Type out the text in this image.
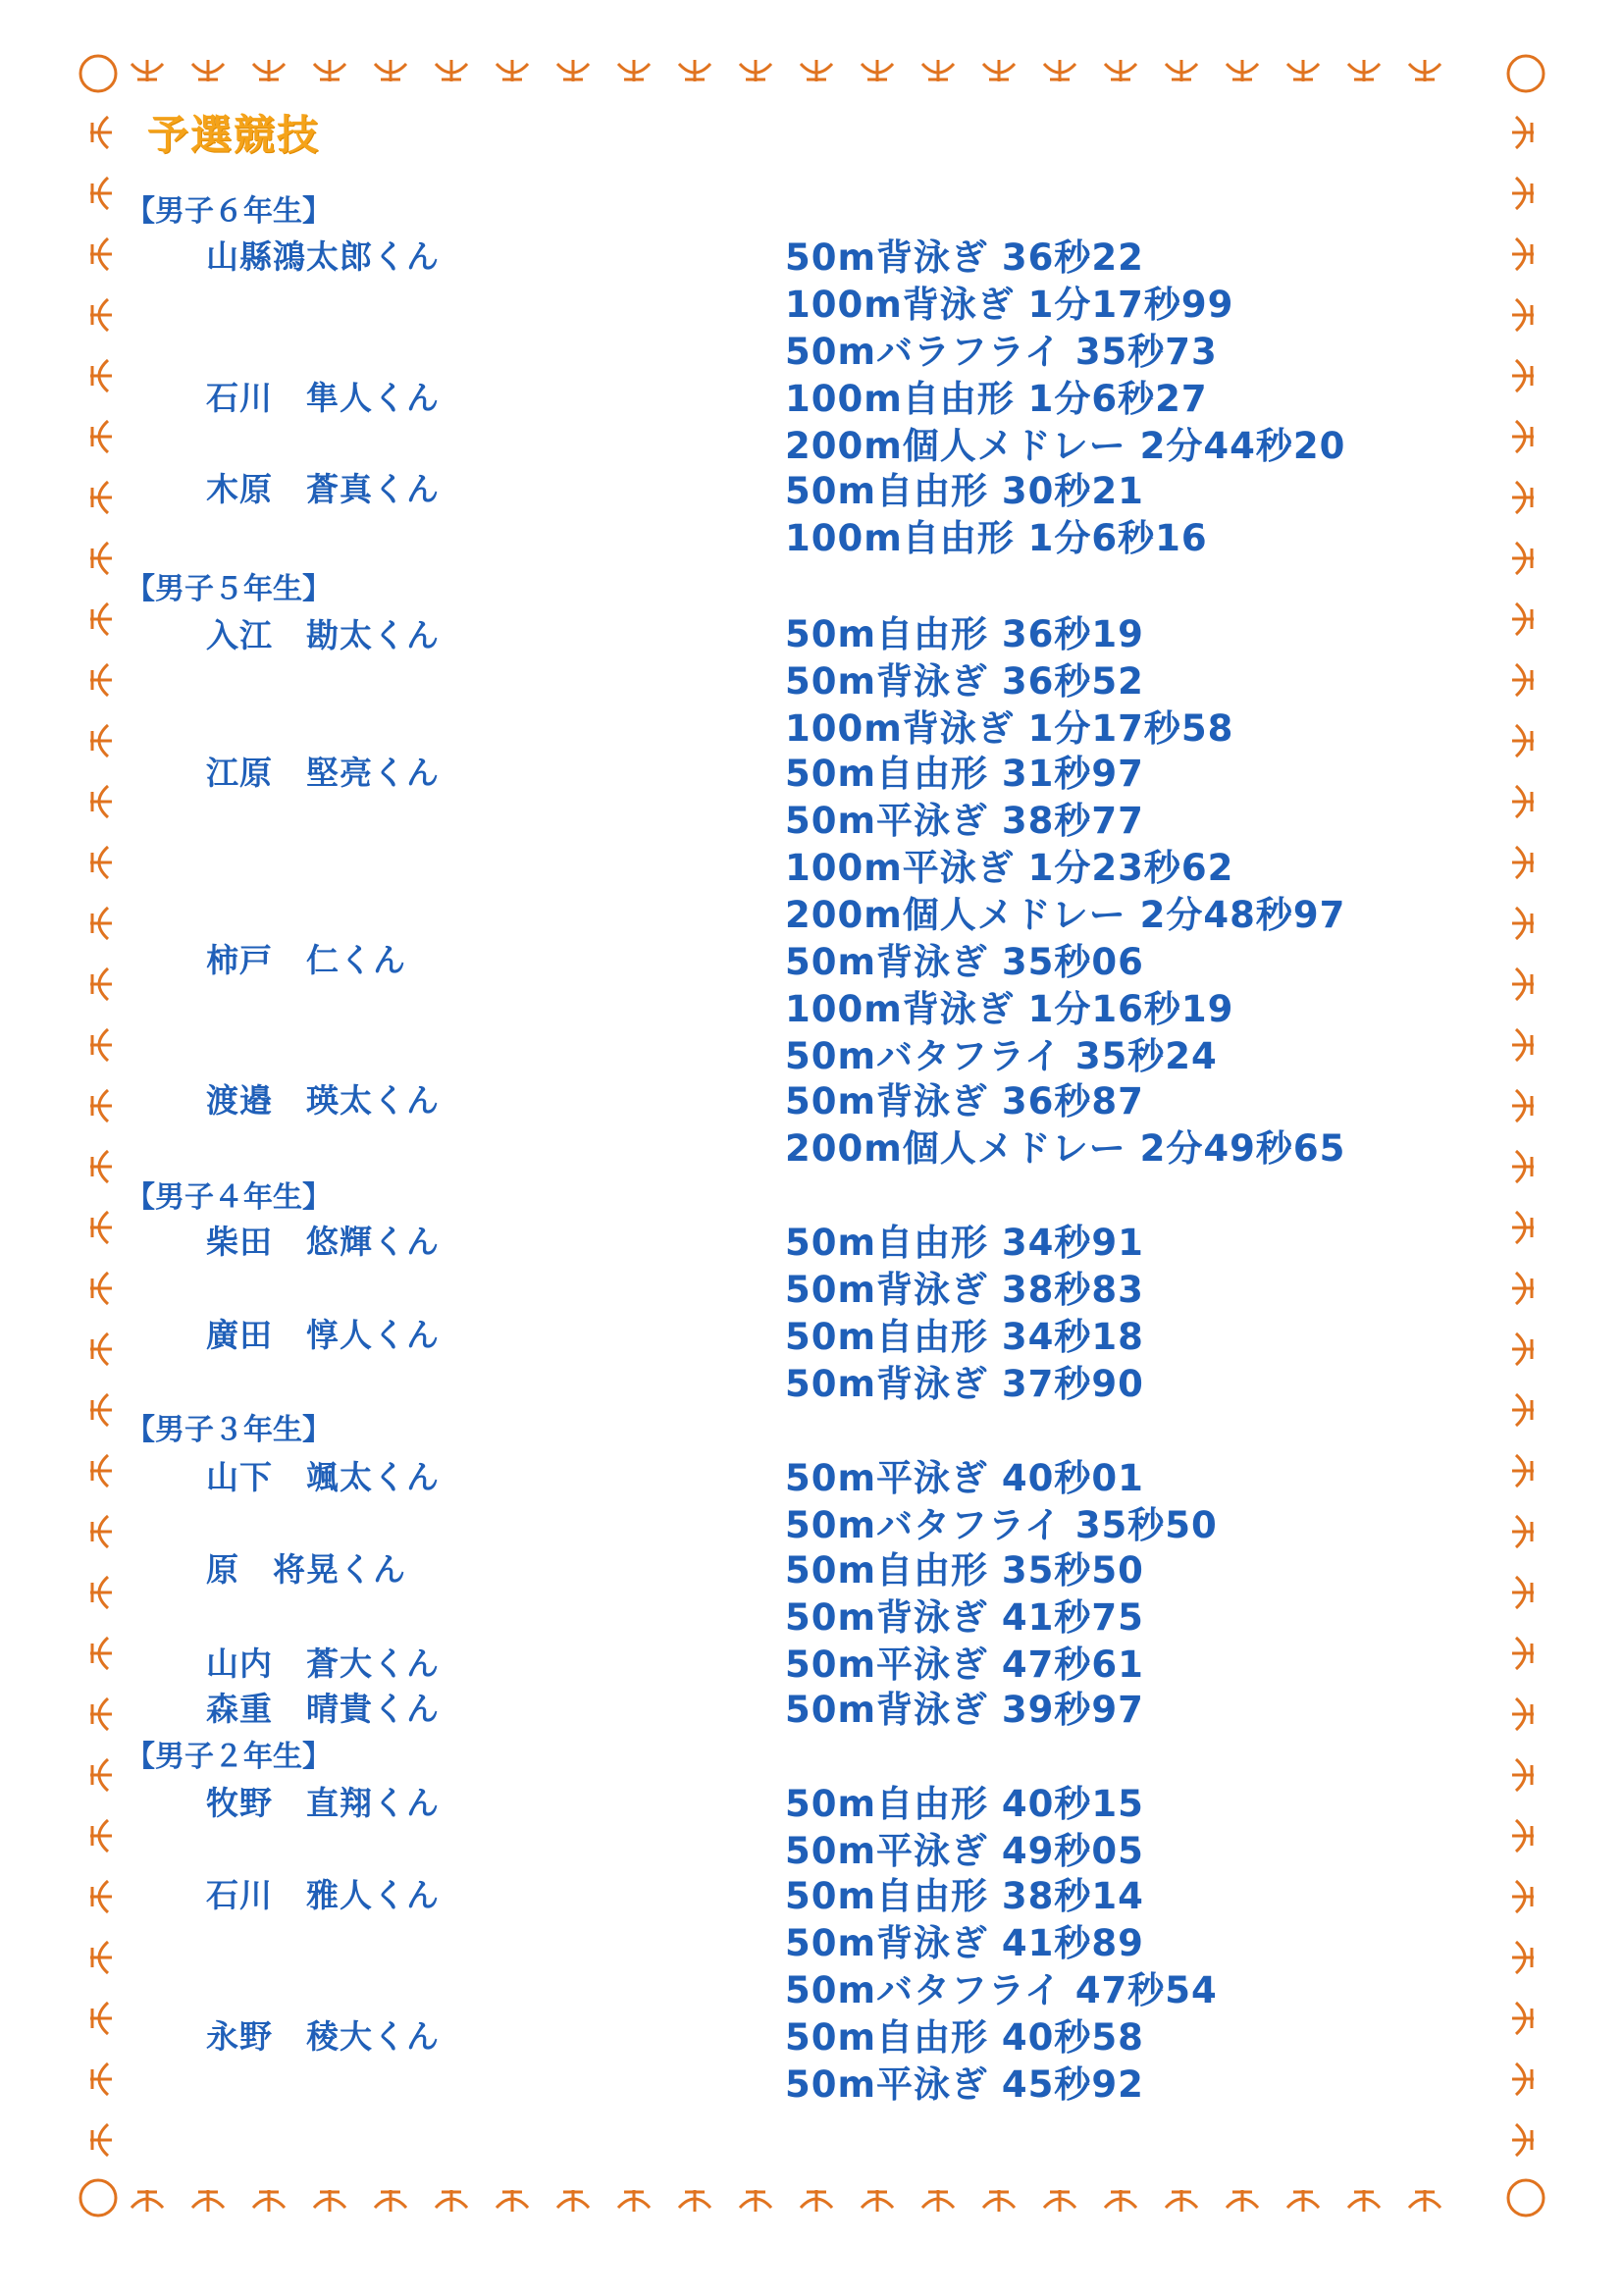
予選競技
【男子６年生】
【男子５年生】
【男子４年生】
【男子３年生】
【男子２年生】
山縣鴻太郎くん	50m背泳ぎ 36秒22
100m背泳ぎ 1分17秒99
50mバラフライ 35秒73
石川　隼人くん	100m自由形 1分6秒27
200m個人メドレー 2分44秒20
木原　蒼真くん	50m自由形 30秒21
100m自由形 1分6秒16
入江　勘太くん	50m自由形 36秒19
50m背泳ぎ 36秒52
100m背泳ぎ 1分17秒58
江原　堅亮くん	50m自由形 31秒97
50m平泳ぎ 38秒77
100m平泳ぎ 1分23秒62
200m個人メドレー 2分48秒97
柿戸　仁くん	50m背泳ぎ 35秒06
100m背泳ぎ 1分16秒19
50mバタフライ 35秒24
渡邉　瑛太くん	50m背泳ぎ 36秒87
200m個人メドレー 2分49秒65
柴田　悠輝くん	50m自由形 34秒91
50m背泳ぎ 38秒83
廣田　惇人くん	50m自由形 34秒18
50m背泳ぎ 37秒90
山下　颯太くん	50m平泳ぎ 40秒01
50mバタフライ 35秒50
原　将晃くん	50m自由形 35秒50
50m背泳ぎ 41秒75
山内　蒼大くん	50m平泳ぎ 47秒61
森重　晴貴くん	50m背泳ぎ 39秒97
牧野　直翔くん	50m自由形 40秒15
50m平泳ぎ 49秒05
石川　雅人くん	50m自由形 38秒14
50m背泳ぎ 41秒89
50mバタフライ 47秒54
永野　稜大くん	50m自由形 40秒58
50m平泳ぎ 45秒92
